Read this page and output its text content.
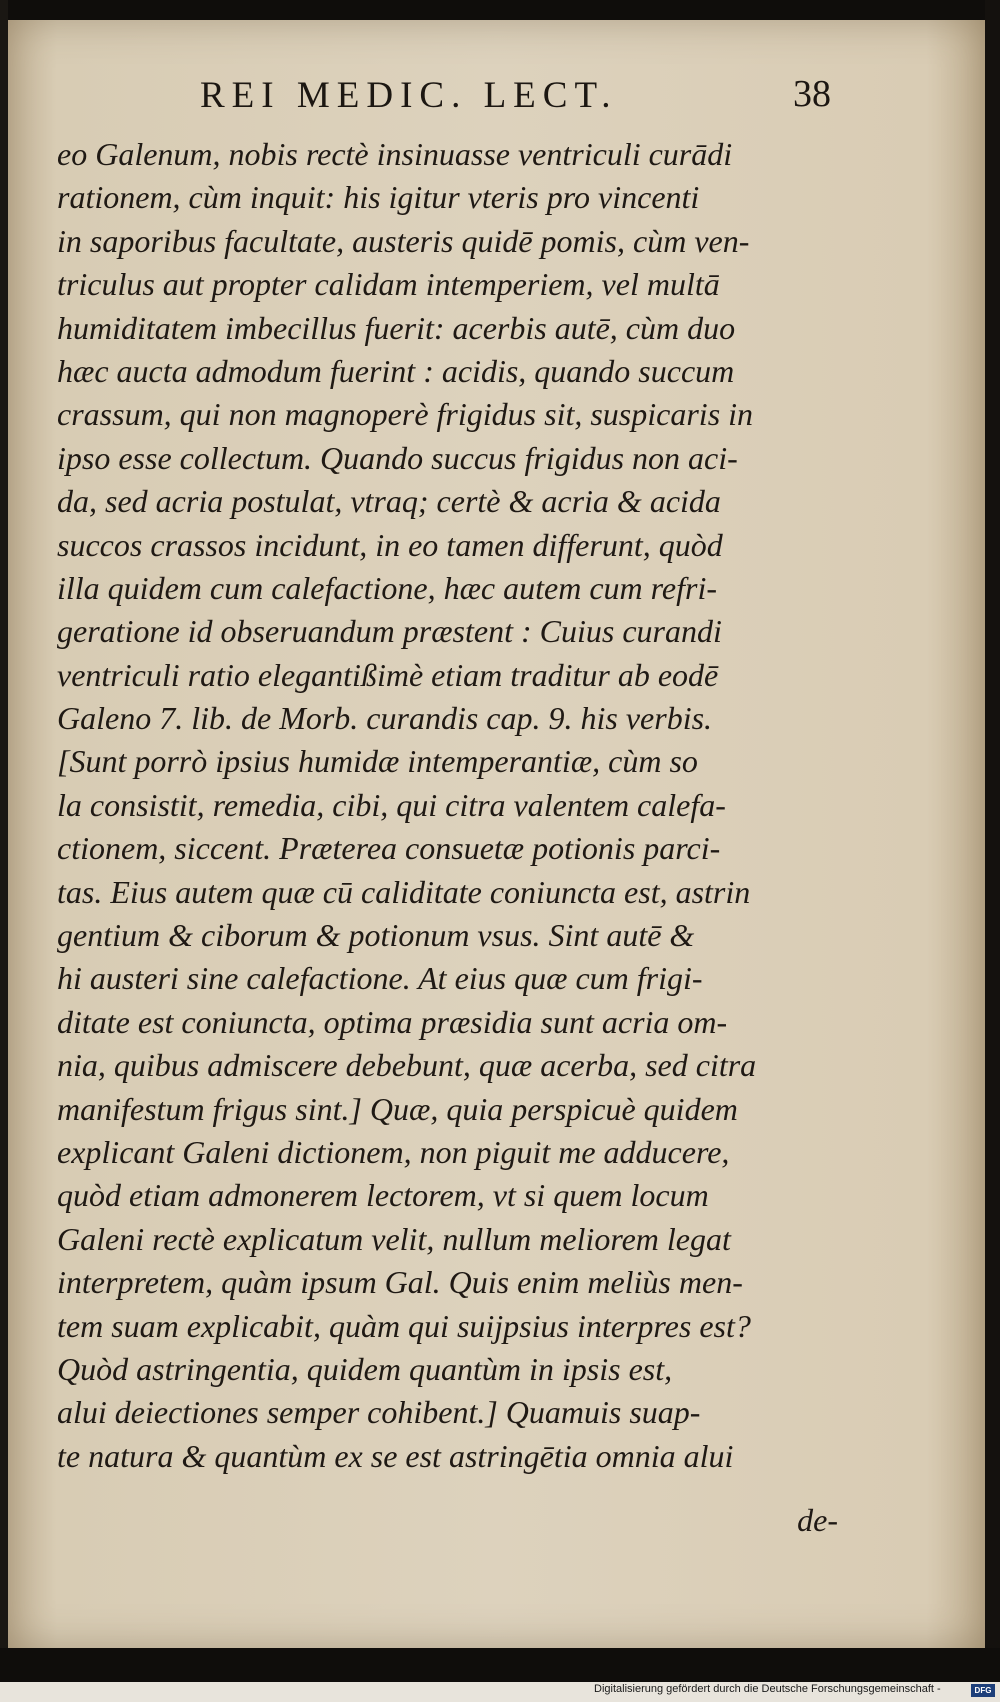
REI MEDIC. LECT.	38
eo Galenum, nobis rectè insinuasse ventriculi curādi
rationem, cùm inquit: his igitur vteris pro vincenti
in saporibus facultate, austeris quidē pomis, cùm ven-
triculus aut propter calidam intemperiem, vel multā
humiditatem imbecillus fuerit: acerbis autē, cùm duo
hæc aucta admodum fuerint : acidis, quando succum
crassum, qui non magnoperè frigidus sit, suspicaris in
ipso esse collectum. Quando succus frigidus non aci-
da, sed acria postulat, vtraq; certè & acria & acida
succos crassos incidunt, in eo tamen differunt, quòd
illa quidem cum calefactione, hæc autem cum refri-
geratione id obseruandum præstent : Cuius curandi
ventriculi ratio elegantißimè etiam traditur ab eodē
Galeno 7. lib. de Morb. curandis cap. 9. his verbis.
[Sunt porrò ipsius humidæ intemperantiæ, cùm so
la consistit, remedia, cibi, qui citra valentem calefa-
ctionem, siccent. Præterea consuetæ potionis parci-
tas. Eius autem quæ cū caliditate coniuncta est, astrin
gentium & ciborum & potionum vsus. Sint autē &
hi austeri sine calefactione. At eius quæ cum frigi-
ditate est coniuncta, optima præsidia sunt acria om-
nia, quibus admiscere debebunt, quæ acerba, sed citra
manifestum frigus sint.] Quæ, quia perspicuè quidem
explicant Galeni dictionem, non piguit me adducere,
quòd etiam admonerem lectorem, vt si quem locum
Galeni rectè explicatum velit, nullum meliorem legat
interpretem, quàm ipsum Gal. Quis enim meliùs men-
tem suam explicabit, quàm qui suijpsius interpres est?
Quòd astringentia, quidem quantùm in ipsis est,
alui deiectiones semper cohibent.] Quamuis suap-
te natura & quantùm ex se est astringētia omnia alui
de-
Digitalisierung gefördert durch die Deutsche Forschungsgemeinschaft -	DFG
